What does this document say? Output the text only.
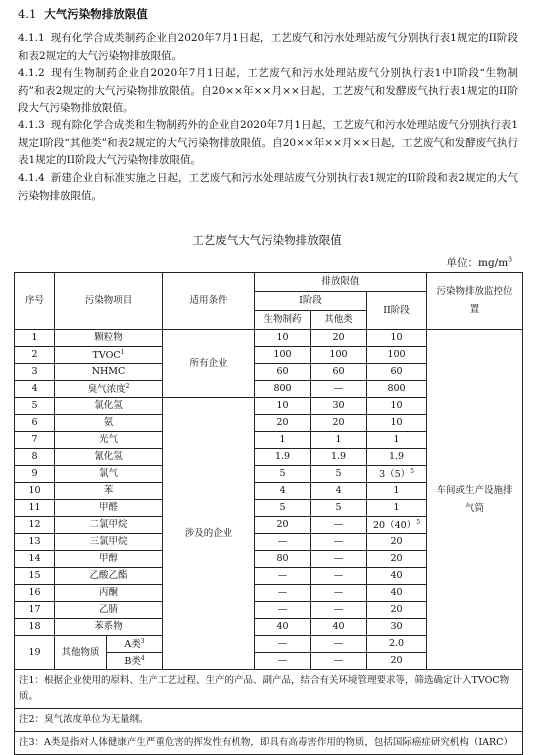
4.1 大气污染物排放限值
4.1.1 现有化学合成类制药企业自2020年7月1日起，工艺废气和污水处理站废气分别执行表1规定的II阶段和表2规定的大气污染物排放限值。
4.1.2 现有生物制药企业自2020年7月1日起，工艺废气和污水处理站废气分别执行表1中I阶段“生物制药”和表2规定的大气污染物排放限值。自20××年××月××日起，工艺废气和发酵废气执行表1规定的II阶段大气污染物排放限值。
4.1.3 现有除化学合成类和生物制药外的企业自2020年7月1日起，工艺废气和污水处理站废气分别执行表1规定I阶段“其他类”和表2规定的大气污染物排放限值。自20××年××月××日起，工艺废气和发酵废气执行表1规定的II阶段大气污染物排放限值。
4.1.4 新建企业自标准实施之日起，工艺废气和污水处理站废气分别执行表1规定的II阶段和表2规定的大气污染物排放限值。
工艺废气大气污染物排放限值
单位：$mg/m^3$
序号	污染物项目		适用条件	排放限值			污染物排放监控位置
				I阶段		II阶段	
				生物制药	其他类		
1	颗粒物		所有企业	10	20	10	车间或生产设施排气筒
2	TVOC$^1$			100	100	100	
3	NHMC			60	60	60	
4	臭气浓度$^2$			800	—	800	
5	氯化氢		涉及的企业	10	30	10	
6	氨			20	20	10	
7	光气			1	1	1	
8	氰化氢			1.9	1.9	1.9	
9	氯气			5	5	$3(5)^5$
10	苯			4	4	1	
11	甲醛			5	5	1	
12	二氯甲烷			20	—	$20(40)^5$
13	三氯甲烷			—	—	20	
14	甲醇			80	—	20	
15	乙酸乙酯			—	—	40	
16	丙酮			—	—	40	
17	乙腈			—	—	20	
18	苯系物			40	40	30	
19	其他物质	A类$^3$		—	—	2.0	
		B类$^4$		—	—	20	
注1：根据企业使用的原料、生产工艺过程、生产的产品、副产品，结合有关环境管理要求等，筛选确定计入TVOC物质。							
注2：臭气浓度单位为无量纲。							
注3：A类是指对人体健康产生严重危害的挥发性有机物，即具有高毒害作用的物质，包括国际癌症研究机构（IARC）							
